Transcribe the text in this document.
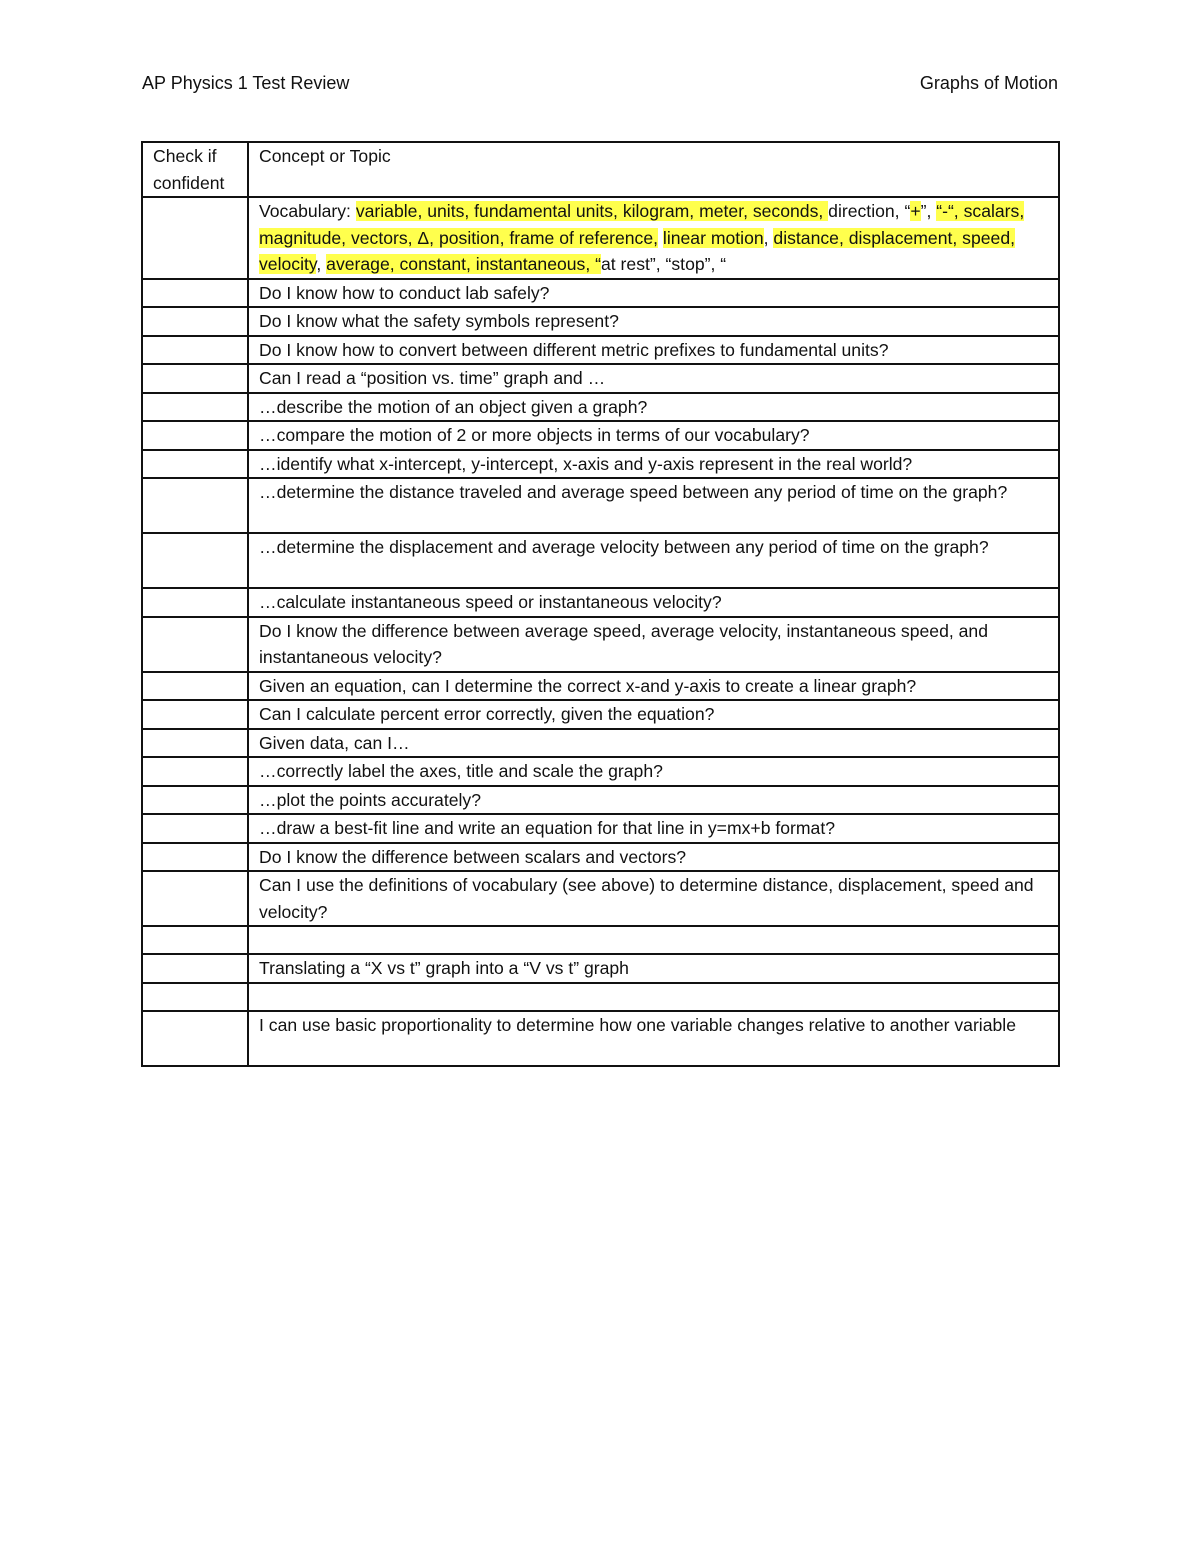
AP Physics 1 Test Review	Graphs of Motion
Check if confident	Concept or Topic
	Vocabulary: variable, units, fundamental units, kilogram, meter, seconds, direction, “+”, “-“, scalars, magnitude, vectors, Δ, position, frame of reference, linear motion, distance, displacement, speed, velocity, average, constant, instantaneous, “at rest”, “stop”, “
	Do I know how to conduct lab safely?
	Do I know what the safety symbols represent?
	Do I know how to convert between different metric prefixes to fundamental units?
	Can I read a “position vs. time” graph and …
	…describe the motion of an object given a graph?
	…compare the motion of 2 or more objects in terms of our vocabulary?
	…identify what x-intercept, y-intercept, x-axis and y-axis represent in the real world?
	…determine the distance traveled and average speed between any period of time on the graph?
	…determine the displacement and average velocity between any period of time on the graph?
	…calculate instantaneous speed or instantaneous velocity?
	Do I know the difference between average speed, average velocity, instantaneous speed, and instantaneous velocity?
	Given an equation, can I determine the correct x-and y-axis to create a linear graph?
	Can I calculate percent error correctly, given the equation?
	Given data, can I…
	…correctly label the axes, title and scale the graph?
	…plot the points accurately?
	…draw a best-fit line and write an equation for that line in y=mx+b format?
	Do I know the difference between scalars and vectors?
	Can I use the definitions of vocabulary (see above) to determine distance, displacement, speed and velocity?

	Translating a “X vs t” graph into a “V vs t” graph

	I can use basic proportionality to determine how one variable changes relative to another variable
